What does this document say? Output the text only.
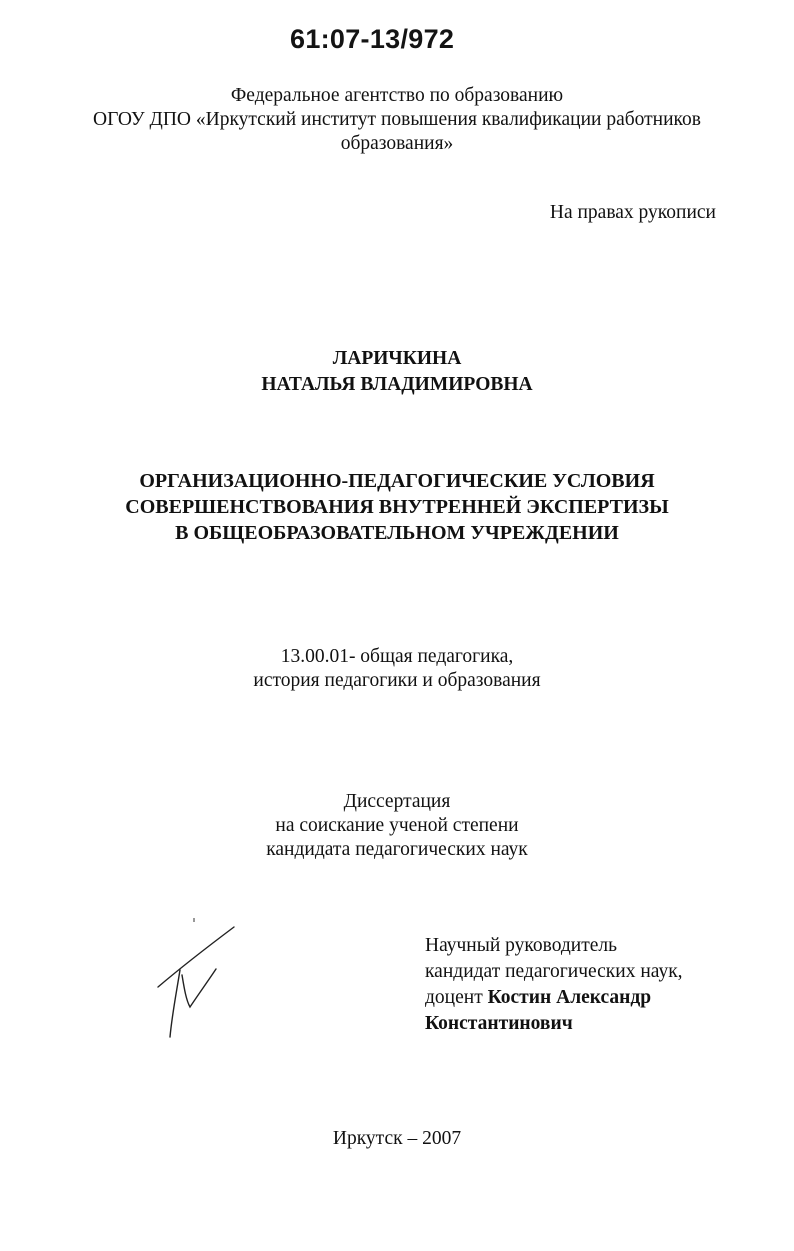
61:07-13/972
Федеральное агентство по образованию
ОГОУ ДПО «Иркутский институт повышения квалификации работников
образования»
На правах рукописи
ЛАРИЧКИНА
НАТАЛЬЯ ВЛАДИМИРОВНА
ОРГАНИЗАЦИОННО-ПЕДАГОГИЧЕСКИЕ УСЛОВИЯ
СОВЕРШЕНСТВОВАНИЯ ВНУТРЕННЕЙ ЭКСПЕРТИЗЫ
В ОБЩЕОБРАЗОВАТЕЛЬНОМ УЧРЕЖДЕНИИ
13.00.01- общая педагогика,
история педагогики и образования
Диссертация
на соискание ученой степени
кандидата педагогических наук
Научный руководитель
кандидат педагогических наук,
доцент Костин Александр
Константинович
Иркутск – 2007
